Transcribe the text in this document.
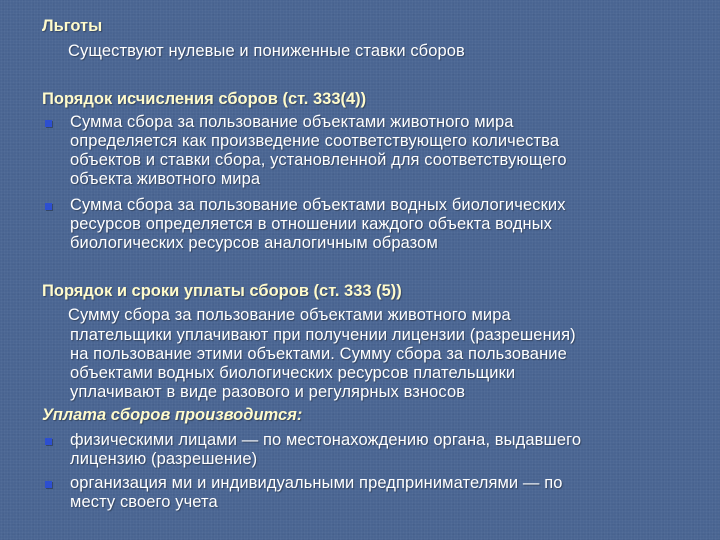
Льготы
Существуют нулевые и пониженные ставки сборов
Порядок исчисления сборов (ст. 333(4))
Сумма сбора за пользование объектами животного мира
определяется как произведение соответствующего количества
объектов и ставки сбора, установленной для соответствующего
объекта животного мира
Сумма сбора за пользование объектами водных биологических
ресурсов определяется в отношении каждого объекта водных
биологических ресурсов аналогичным образом
Порядок и сроки уплаты сборов (ст. 333 (5))
Сумму сбора за пользование объектами животного мира
плательщики уплачивают при получении лицензии (разрешения)
на пользование этими объектами. Сумму сбора за пользование
объектами водных биологических ресурсов плательщики
уплачивают в виде разового и регулярных взносов
Уплата сборов производится:
физическими лицами — по местонахождению органа, выдавшего
лицензию (разрешение)
организация ми и индивидуальными предпринимателями — по
месту своего учета
